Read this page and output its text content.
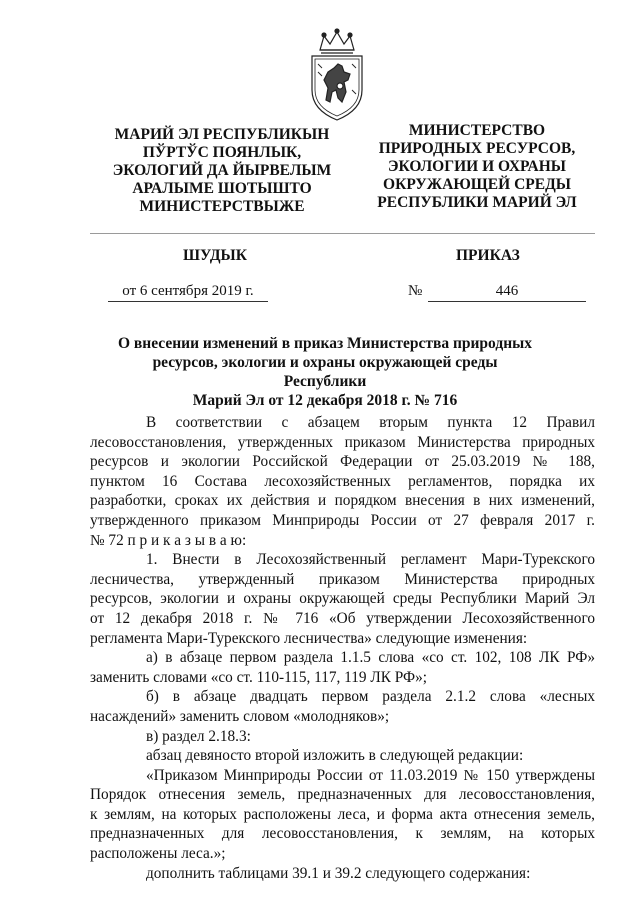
МАРИЙ ЭЛ РЕСПУБЛИКЫН
ПЎРТЎС ПОЯНЛЫК,
ЭКОЛОГИЙ ДА ЙЫРВЕЛЫМ
АРАЛЫМЕ ШОТЫШТО
МИНИСТЕРСТВЫЖЕ
МИНИСТЕРСТВО
ПРИРОДНЫХ РЕСУРСОВ,
ЭКОЛОГИИ И ОХРАНЫ
ОКРУЖАЮЩЕЙ СРЕДЫ
РЕСПУБЛИКИ МАРИЙ ЭЛ
ШУДЫК	ПРИКАЗ
от 6 сентября 2019 г.	№	446
О внесении изменений в приказ Министерства природных
ресурсов, экологии и охраны окружающей среды Республики
Марий Эл от 12 декабря 2018 г. № 716

В соответствии с абзацем вторым пункта 12 Правил

лесовосстановления, утвержденных приказом Министерства природных

ресурсов и экологии Российской Федерации от 25.03.2019 № 188,

пунктом 16 Состава лесохозяйственных регламентов, порядка их

разработки, сроках их действия и порядком внесения в них изменений,

утвержденного приказом Минприроды России от 27 февраля 2017 г.

№ 72 п р и к а з ы в а ю:

1. Внести в Лесохозяйственный регламент Мари-Турекского

лесничества, утвержденный приказом Министерства природных

ресурсов, экологии и охраны окружающей среды Республики Марий Эл

от 12 декабря 2018 г. № 716 «Об утверждении Лесохозяйственного

регламента Мари-Турекского лесничества» следующие изменения:

а) в абзаце первом раздела 1.1.5 слова «со ст. 102, 108 ЛК РФ»

заменить словами «со ст. 110-115, 117, 119 ЛК РФ»;

б) в абзаце двадцать первом раздела 2.1.2 слова «лесных

насаждений» заменить словом «молодняков»;

в) раздел 2.18.3:

абзац девяносто второй изложить в следующей редакции:

«Приказом Минприроды России от 11.03.2019 № 150 утверждены

Порядок отнесения земель, предназначенных для лесовосстановления,

к землям, на которых расположены леса, и форма акта отнесения земель,

предназначенных для лесовосстановления, к землям, на которых

расположены леса.»;

дополнить таблицами 39.1 и 39.2 следующего содержания:
